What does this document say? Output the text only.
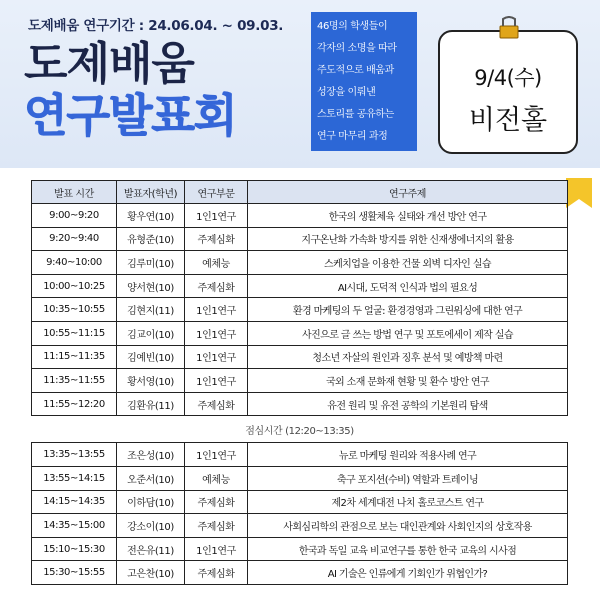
도제배움 연구기간 : 24.06.04. ~ 09.03.
도제배움
연구발표회
46명의 학생들이
각자의 소명을 따라
주도적으로 배움과
성장을 이뤄낸
스토리를 공유하는
연구 마무리 과정
9/4(수)
비전홀
발표 시간	발표자(학년)	연구부문	연구주제
9:00~9:20	황우연(10)	1인1연구	한국의 생활체육 실태와 개선 방안 연구
9:20~9:40	유형준(10)	주제심화	지구온난화 가속화 방지를 위한 신재생에너지의 활용
9:40~10:00	김루미(10)	예체능	스케치업을 이용한 건물 외벽 디자인 실습
10:00~10:25	양서현(10)	주제심화	AI시대, 도덕적 인식과 법의 필요성
10:35~10:55	김현지(11)	1인1연구	환경 마케팅의 두 얼굴: 환경경영과 그린워싱에 대한 연구
10:55~11:15	김교이(10)	1인1연구	사진으로 글 쓰는 방법 연구 및 포토에세이 제작 실습
11:15~11:35	김예빈(10)	1인1연구	청소년 자살의 원인과 징후 분석 및 예방책 마련
11:35~11:55	황서영(10)	1인1연구	국외 소재 문화재 현황 및 환수 방안 연구
11:55~12:20	김환유(11)	주제심화	유전 원리 및 유전 공학의 기본원리 탐색
점심시간 (12:20~13:35)			
13:35~13:55	조은성(10)	1인1연구	뉴로 마케팅 원리와 적용사례 연구
13:55~14:15	오준서(10)	예체능	축구 포지션(수비) 역할과 트레이닝
14:15~14:35	이하담(10)	주제심화	제2차 세계대전 나치 홀로코스트 연구
14:35~15:00	강소이(10)	주제심화	사회심리학의 관점으로 보는 대인관계와 사회인지의 상호작용
15:10~15:30	전은유(11)	1인1연구	한국과 독일 교육 비교연구를 통한 한국 교육의 시사점
15:30~15:55	고은찬(10)	주제심화	AI 기술은 인류에게 기회인가 위협인가?
